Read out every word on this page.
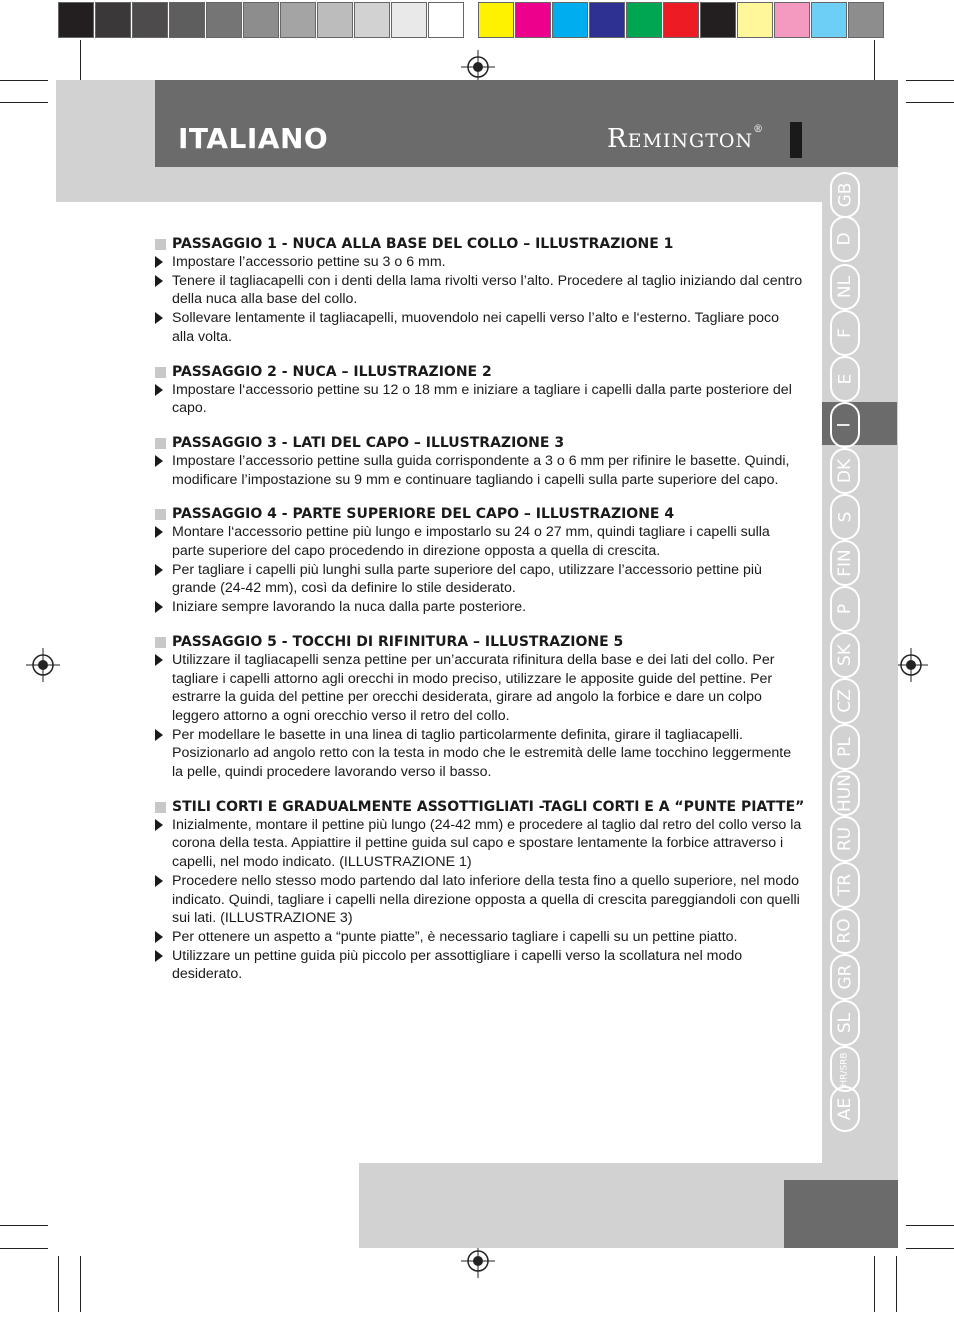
ITALIANO	REMINGTON®
GB
D
NL
F
E
I
DK
S
FIN
P
SK
CZ
PL
HUN
RU
TR
RO
GR
SL
HR/SRB
AE
PASSAGGIO 1 - NUCA ALLA BASE DEL COLLO – ILLUSTRAZIONE 1
Impostare l’accessorio pettine su 3 o 6 mm.
Tenere il tagliacapelli con i denti della lama rivolti verso l’alto. Procedere al taglio iniziando dal centro della nuca alla base del collo.
Sollevare lentamente il tagliacapelli, muovendolo nei capelli verso l’alto e l‘esterno. Tagliare poco alla volta.
PASSAGGIO 2 - NUCA – ILLUSTRAZIONE 2
Impostare l‘accessorio pettine su 12 o 18 mm e iniziare a tagliare i capelli dalla parte posteriore del capo.
PASSAGGIO 3 - LATI DEL CAPO – ILLUSTRAZIONE 3
Impostare l’accessorio pettine sulla guida corrispondente a 3 o 6 mm per rifinire le basette. Quindi, modificare l’impostazione su 9 mm e continuare tagliando i capelli sulla parte superiore del capo.
PASSAGGIO 4 - PARTE SUPERIORE DEL CAPO – ILLUSTRAZIONE 4
Montare l‘accessorio pettine più lungo e impostarlo su 24 o 27 mm, quindi tagliare i capelli sulla parte superiore del capo procedendo in direzione opposta a quella di crescita.
Per tagliare i capelli più lunghi sulla parte superiore del capo, utilizzare l’accessorio pettine più grande (24-42 mm), così da definire lo stile desiderato.
Iniziare sempre lavorando la nuca dalla parte posteriore.
PASSAGGIO 5 - TOCCHI DI RIFINITURA – ILLUSTRAZIONE 5
Utilizzare il tagliacapelli senza pettine per un’accurata rifinitura della base e dei lati del collo. Per tagliare i capelli attorno agli orecchi in modo preciso, utilizzare le apposite guide del pettine. Per estrarre la guida del pettine per orecchi desiderata, girare ad angolo la forbice e dare un colpo leggero attorno a ogni orecchio verso il retro del collo.
Per modellare le basette in una linea di taglio particolarmente definita, girare il tagliacapelli. Posizionarlo ad angolo retto con la testa in modo che le estremità delle lame tocchino leggermente la pelle, quindi procedere lavorando verso il basso.
STILI CORTI E GRADUALMENTE ASSOTTIGLIATI -TAGLI CORTI E A “PUNTE PIATTE”
Inizialmente, montare il pettine più lungo (24-42 mm) e procedere al taglio dal retro del collo verso la corona della testa. Appiattire il pettine guida sul capo e spostare lentamente la forbice attraverso i capelli, nel modo indicato. (ILLUSTRAZIONE 1)
Procedere nello stesso modo partendo dal lato inferiore della testa fino a quello superiore, nel modo indicato. Quindi, tagliare i capelli nella direzione opposta a quella di crescita pareggiandoli con quelli sui lati. (ILLUSTRAZIONE 3)
Per ottenere un aspetto a “punte piatte”, è necessario tagliare i capelli su un pettine piatto.
Utilizzare un pettine guida più piccolo per assottigliare i capelli verso la scollatura nel modo desiderato.
